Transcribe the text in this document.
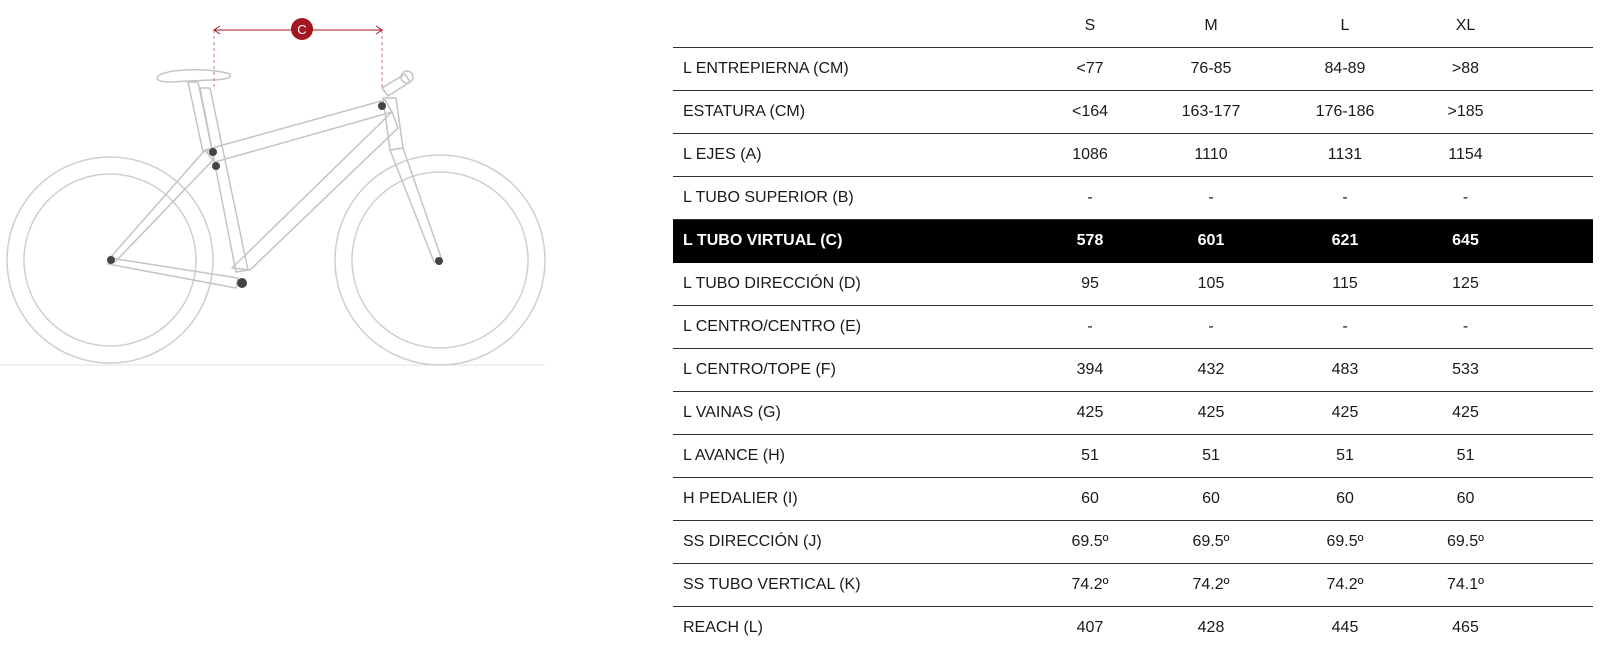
C
		S	M	L	XL	
L ENTREPIERNA (CM)	<77	76-85	84-89	>88	
ESTATURA (CM)	<164	163-177	176-186	>185	
L EJES (A)	1086	1110	1131	1154	
L TUBO SUPERIOR (B)	-	-	-	-	
L TUBO VIRTUAL (C)	578	601	621	645	
L TUBO DIRECCIÓN (D)	95	105	115	125	
L CENTRO/CENTRO (E)	-	-	-	-	
L CENTRO/TOPE (F)	394	432	483	533	
L VAINAS (G)	425	425	425	425	
L AVANCE (H)	51	51	51	51	
H PEDALIER (I)	60	60	60	60	
SS DIRECCIÓN (J)	69.5º	69.5º	69.5º	69.5º	
SS TUBO VERTICAL (K)	74.2º	74.2º	74.2º	74.1º	
REACH (L)	407	428	445	465	
